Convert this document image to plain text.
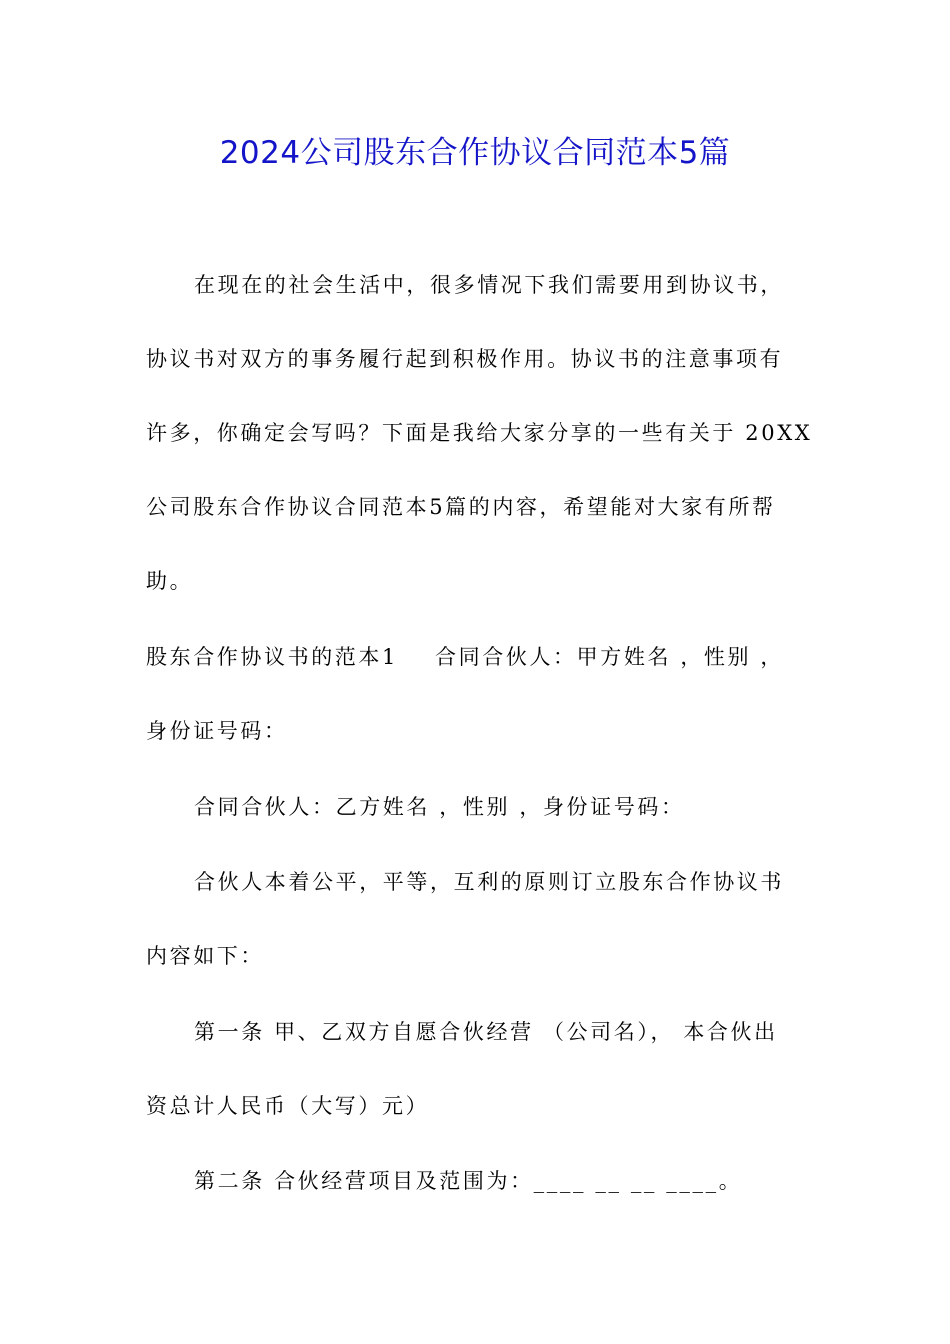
2024公司股东合作协议合同范本5篇
在现在的社会生活中，很多情况下我们需要用到协议书，
协议书对双方的事务履行起到积极作用。协议书的注意事项有
许多，你确定会写吗？下面是我给大家分享的一些有关于 20XX
公司股东合作协议合同范本5篇的内容，希望能对大家有所帮
助。
股东合作协议书的范本1    合同合伙人：甲方姓名 ，性别 ，
身份证号码：
合同合伙人：乙方姓名 ，性别 ，身份证号码：
合伙人本着公平，平等，互利的原则订立股东合作协议书
内容如下：
第一条 甲、乙双方自愿合伙经营 （公司名）， 本合伙出
资总计人民币（大写）元）
第二条 合伙经营项目及范围为：____ __ __ ____。
